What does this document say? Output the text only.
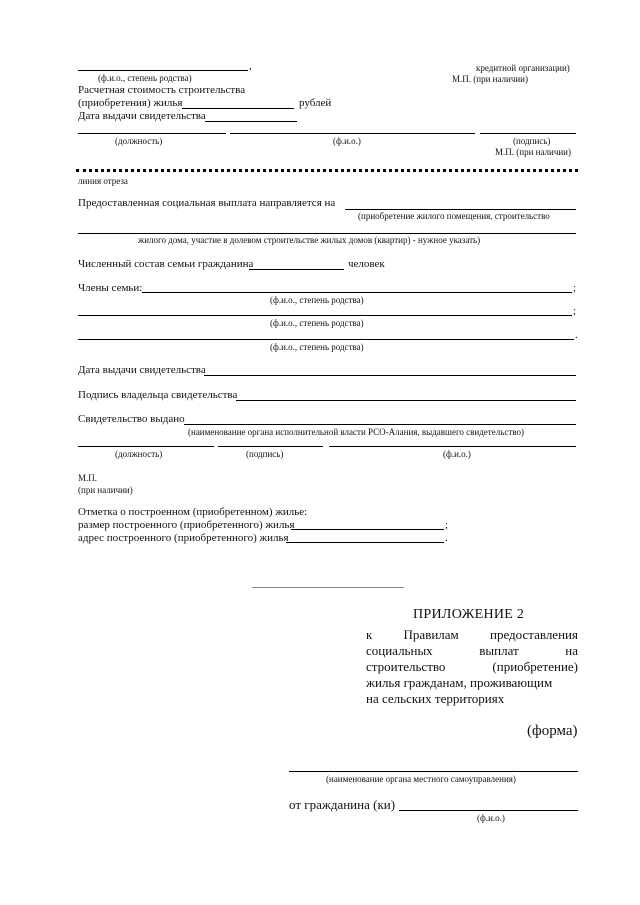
,	кредитной организации)
(ф.и.о., степень родства)	М.П. (при наличии)
Расчетная стоимость строительства
(приобретения) жилья	рублей
Дата выдачи свидетельства
(должность)	(ф.и.о.)	(подпись)
М.П. (при наличии)
линия отреза
Предоставленная социальная выплата направляется на
(приобретение жилого помещения, строительство
жилого дома, участие в долевом строительстве жилых домов (квартир) - нужное указать)
Численный состав семьи гражданина	человек
Члены семьи:	;
(ф.и.о., степень родства)
;
(ф.и.о., степень родства)
.
(ф.и.о., степень родства)
Дата выдачи свидетельства
Подпись владельца свидетельства
Свидетельство выдано
(наименование органа исполнительной власти РСО-Алания, выдавшего свидетельство)
(должность)	(подпись)	(ф.и.о.)
М.П.
(при наличии)
Отметка о построенном (приобретенном) жилье:
размер построенного (приобретенного) жилья	;
адрес построенного (приобретенного) жилья	.
ПРИЛОЖЕНИЕ 2
к Правилам предоставления
социальных	выплат	на
строительство	(приобретение)
жилья гражданам, проживающим
на сельских территориях
(форма)
(наименование органа местного самоуправления)
от гражданина (ки)
(ф.и.о.)
